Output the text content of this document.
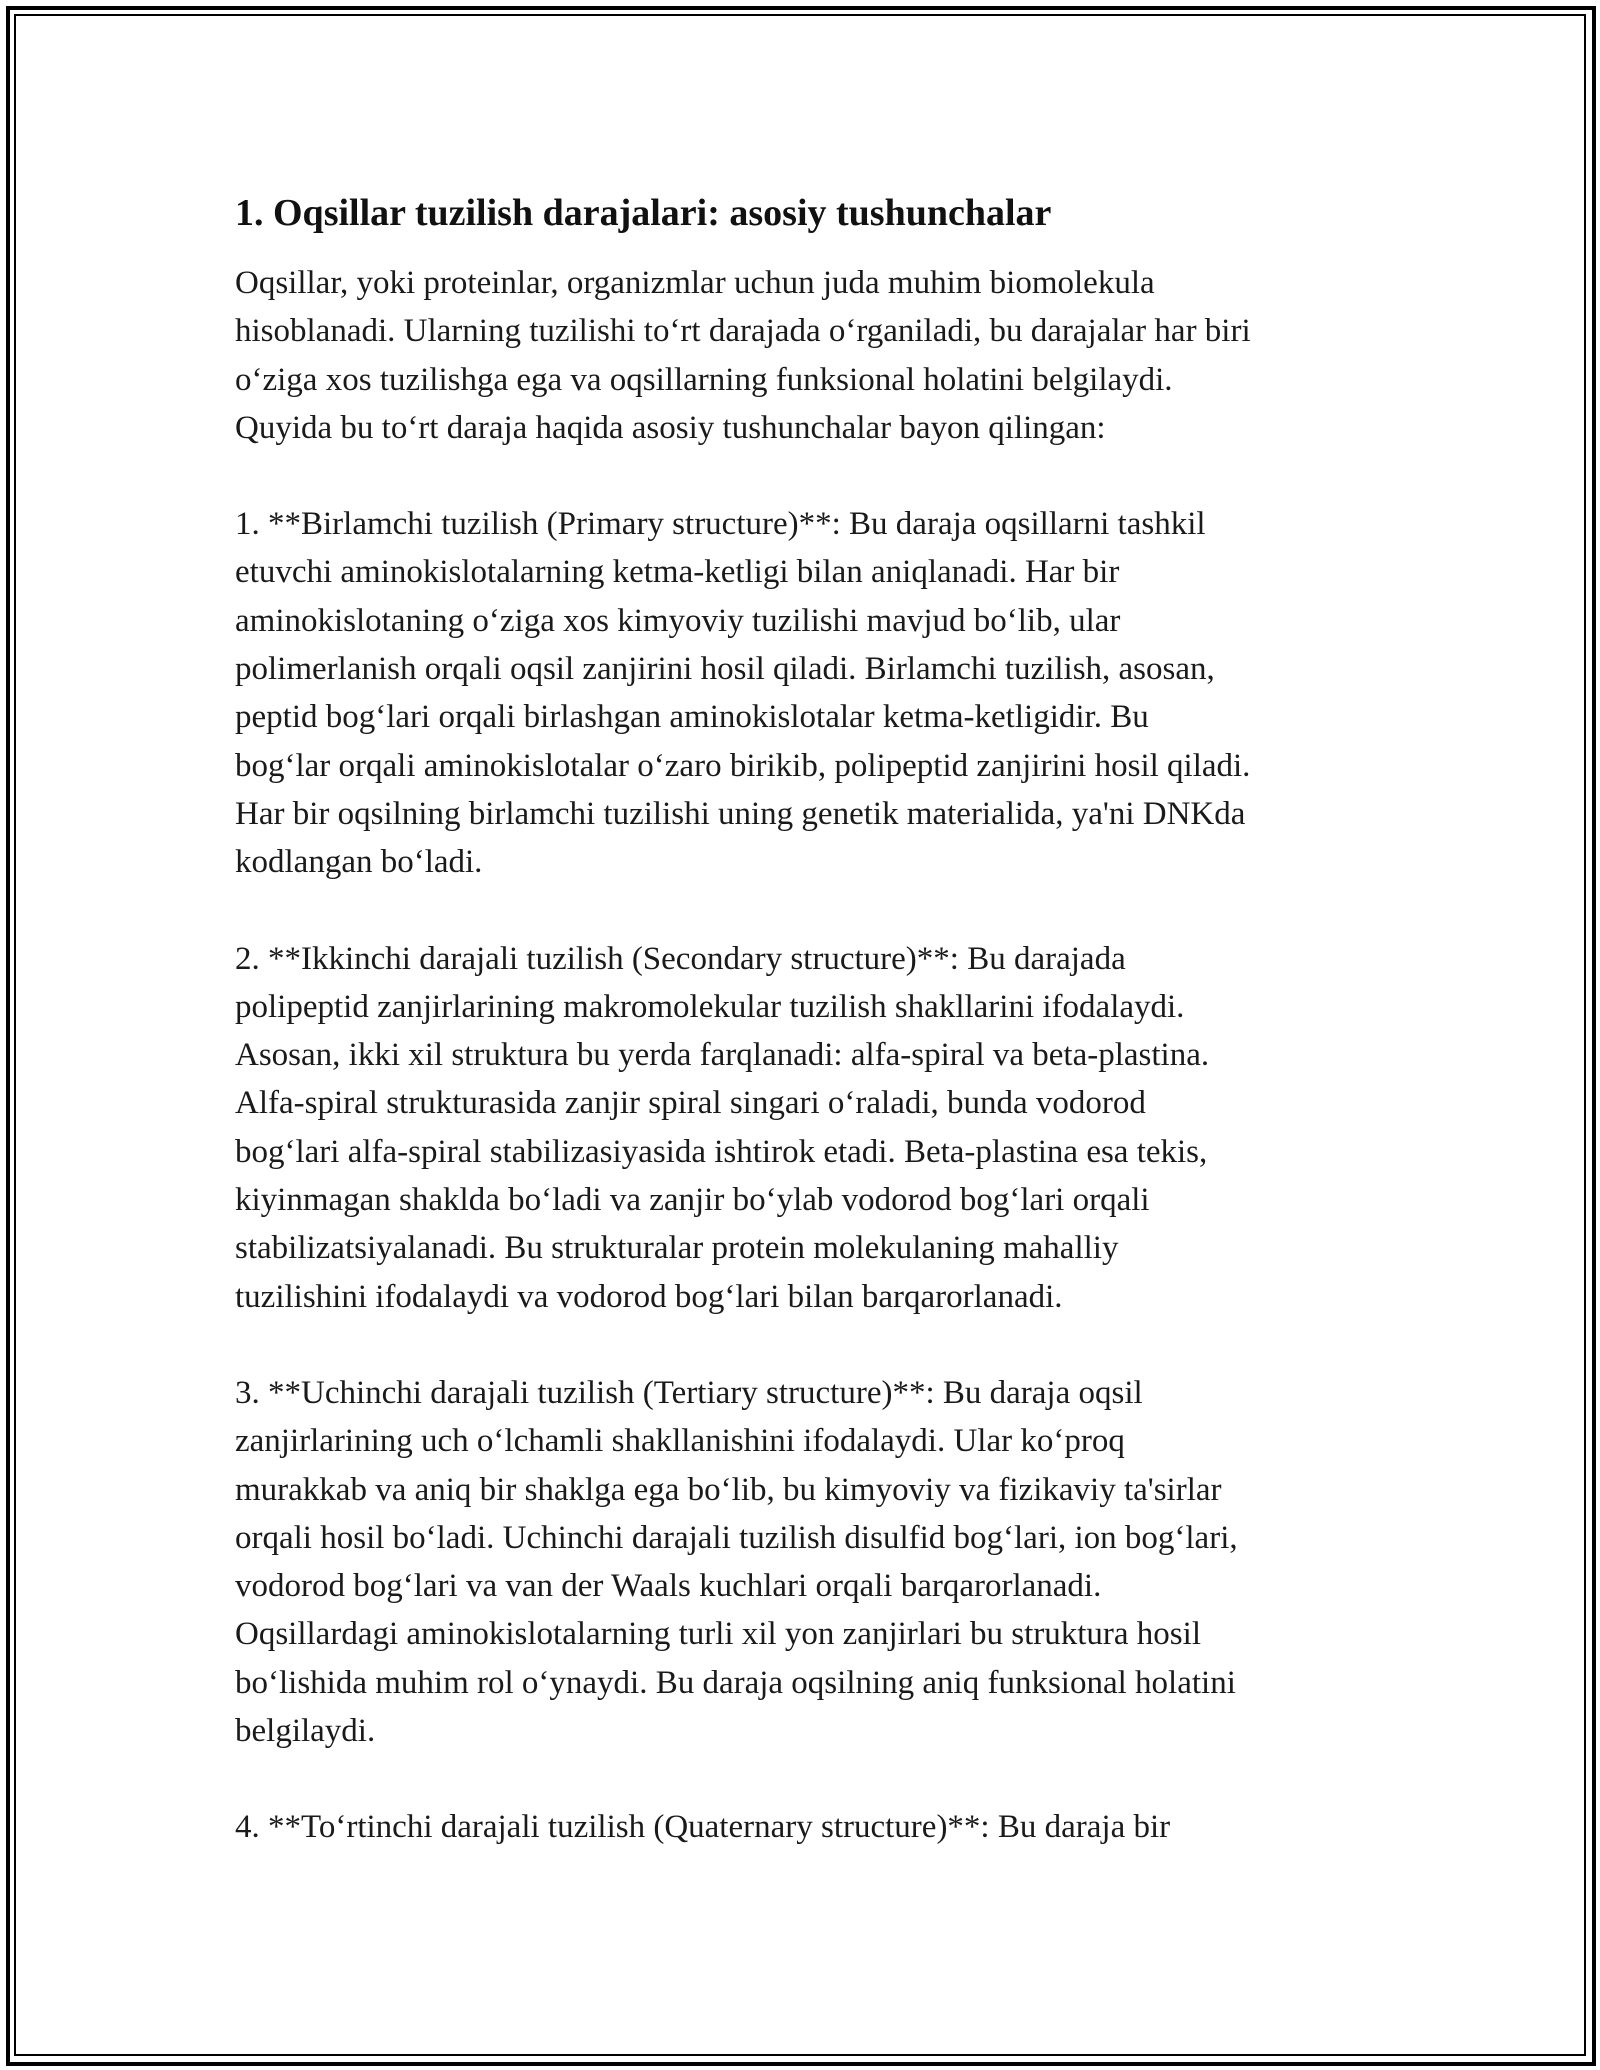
1. Oqsillar tuzilish darajalari: asosiy tushunchalar

Oqsillar, yoki proteinlar, organizmlar uchun juda muhim biomolekula
hisoblanadi. Ularning tuzilishi to‘rt darajada o‘rganiladi, bu darajalar har biri
o‘ziga xos tuzilishga ega va oqsillarning funksional holatini belgilaydi.
Quyida bu to‘rt daraja haqida asosiy tushunchalar bayon qilingan:

1. **Birlamchi tuzilish (Primary structure)**: Bu daraja oqsillarni tashkil
etuvchi aminokislotalarning ketma-ketligi bilan aniqlanadi. Har bir
aminokislotaning o‘ziga xos kimyoviy tuzilishi mavjud bo‘lib, ular
polimerlanish orqali oqsil zanjirini hosil qiladi. Birlamchi tuzilish, asosan,
peptid bog‘lari orqali birlashgan aminokislotalar ketma-ketligidir. Bu
bog‘lar orqali aminokislotalar o‘zaro birikib, polipeptid zanjirini hosil qiladi.
Har bir oqsilning birlamchi tuzilishi uning genetik materialida, ya'ni DNKda
kodlangan bo‘ladi.

2. **Ikkinchi darajali tuzilish (Secondary structure)**: Bu darajada
polipeptid zanjirlarining makromolekular tuzilish shakllarini ifodalaydi.
Asosan, ikki xil struktura bu yerda farqlanadi: alfa-spiral va beta-plastina.
Alfa-spiral strukturasida zanjir spiral singari o‘raladi, bunda vodorod
bog‘lari alfa-spiral stabilizasiyasida ishtirok etadi. Beta-plastina esa tekis,
kiyinmagan shaklda bo‘ladi va zanjir bo‘ylab vodorod bog‘lari orqali
stabilizatsiyalanadi. Bu strukturalar protein molekulaning mahalliy
tuzilishini ifodalaydi va vodorod bog‘lari bilan barqarorlanadi.

3. **Uchinchi darajali tuzilish (Tertiary structure)**: Bu daraja oqsil
zanjirlarining uch o‘lchamli shakllanishini ifodalaydi. Ular ko‘proq
murakkab va aniq bir shaklga ega bo‘lib, bu kimyoviy va fizikaviy ta'sirlar
orqali hosil bo‘ladi. Uchinchi darajali tuzilish disulfid bog‘lari, ion bog‘lari,
vodorod bog‘lari va van der Waals kuchlari orqali barqarorlanadi.
Oqsillardagi aminokislotalarning turli xil yon zanjirlari bu struktura hosil
bo‘lishida muhim rol o‘ynaydi. Bu daraja oqsilning aniq funksional holatini
belgilaydi.

4. **To‘rtinchi darajali tuzilish (Quaternary structure)**: Bu daraja bir
